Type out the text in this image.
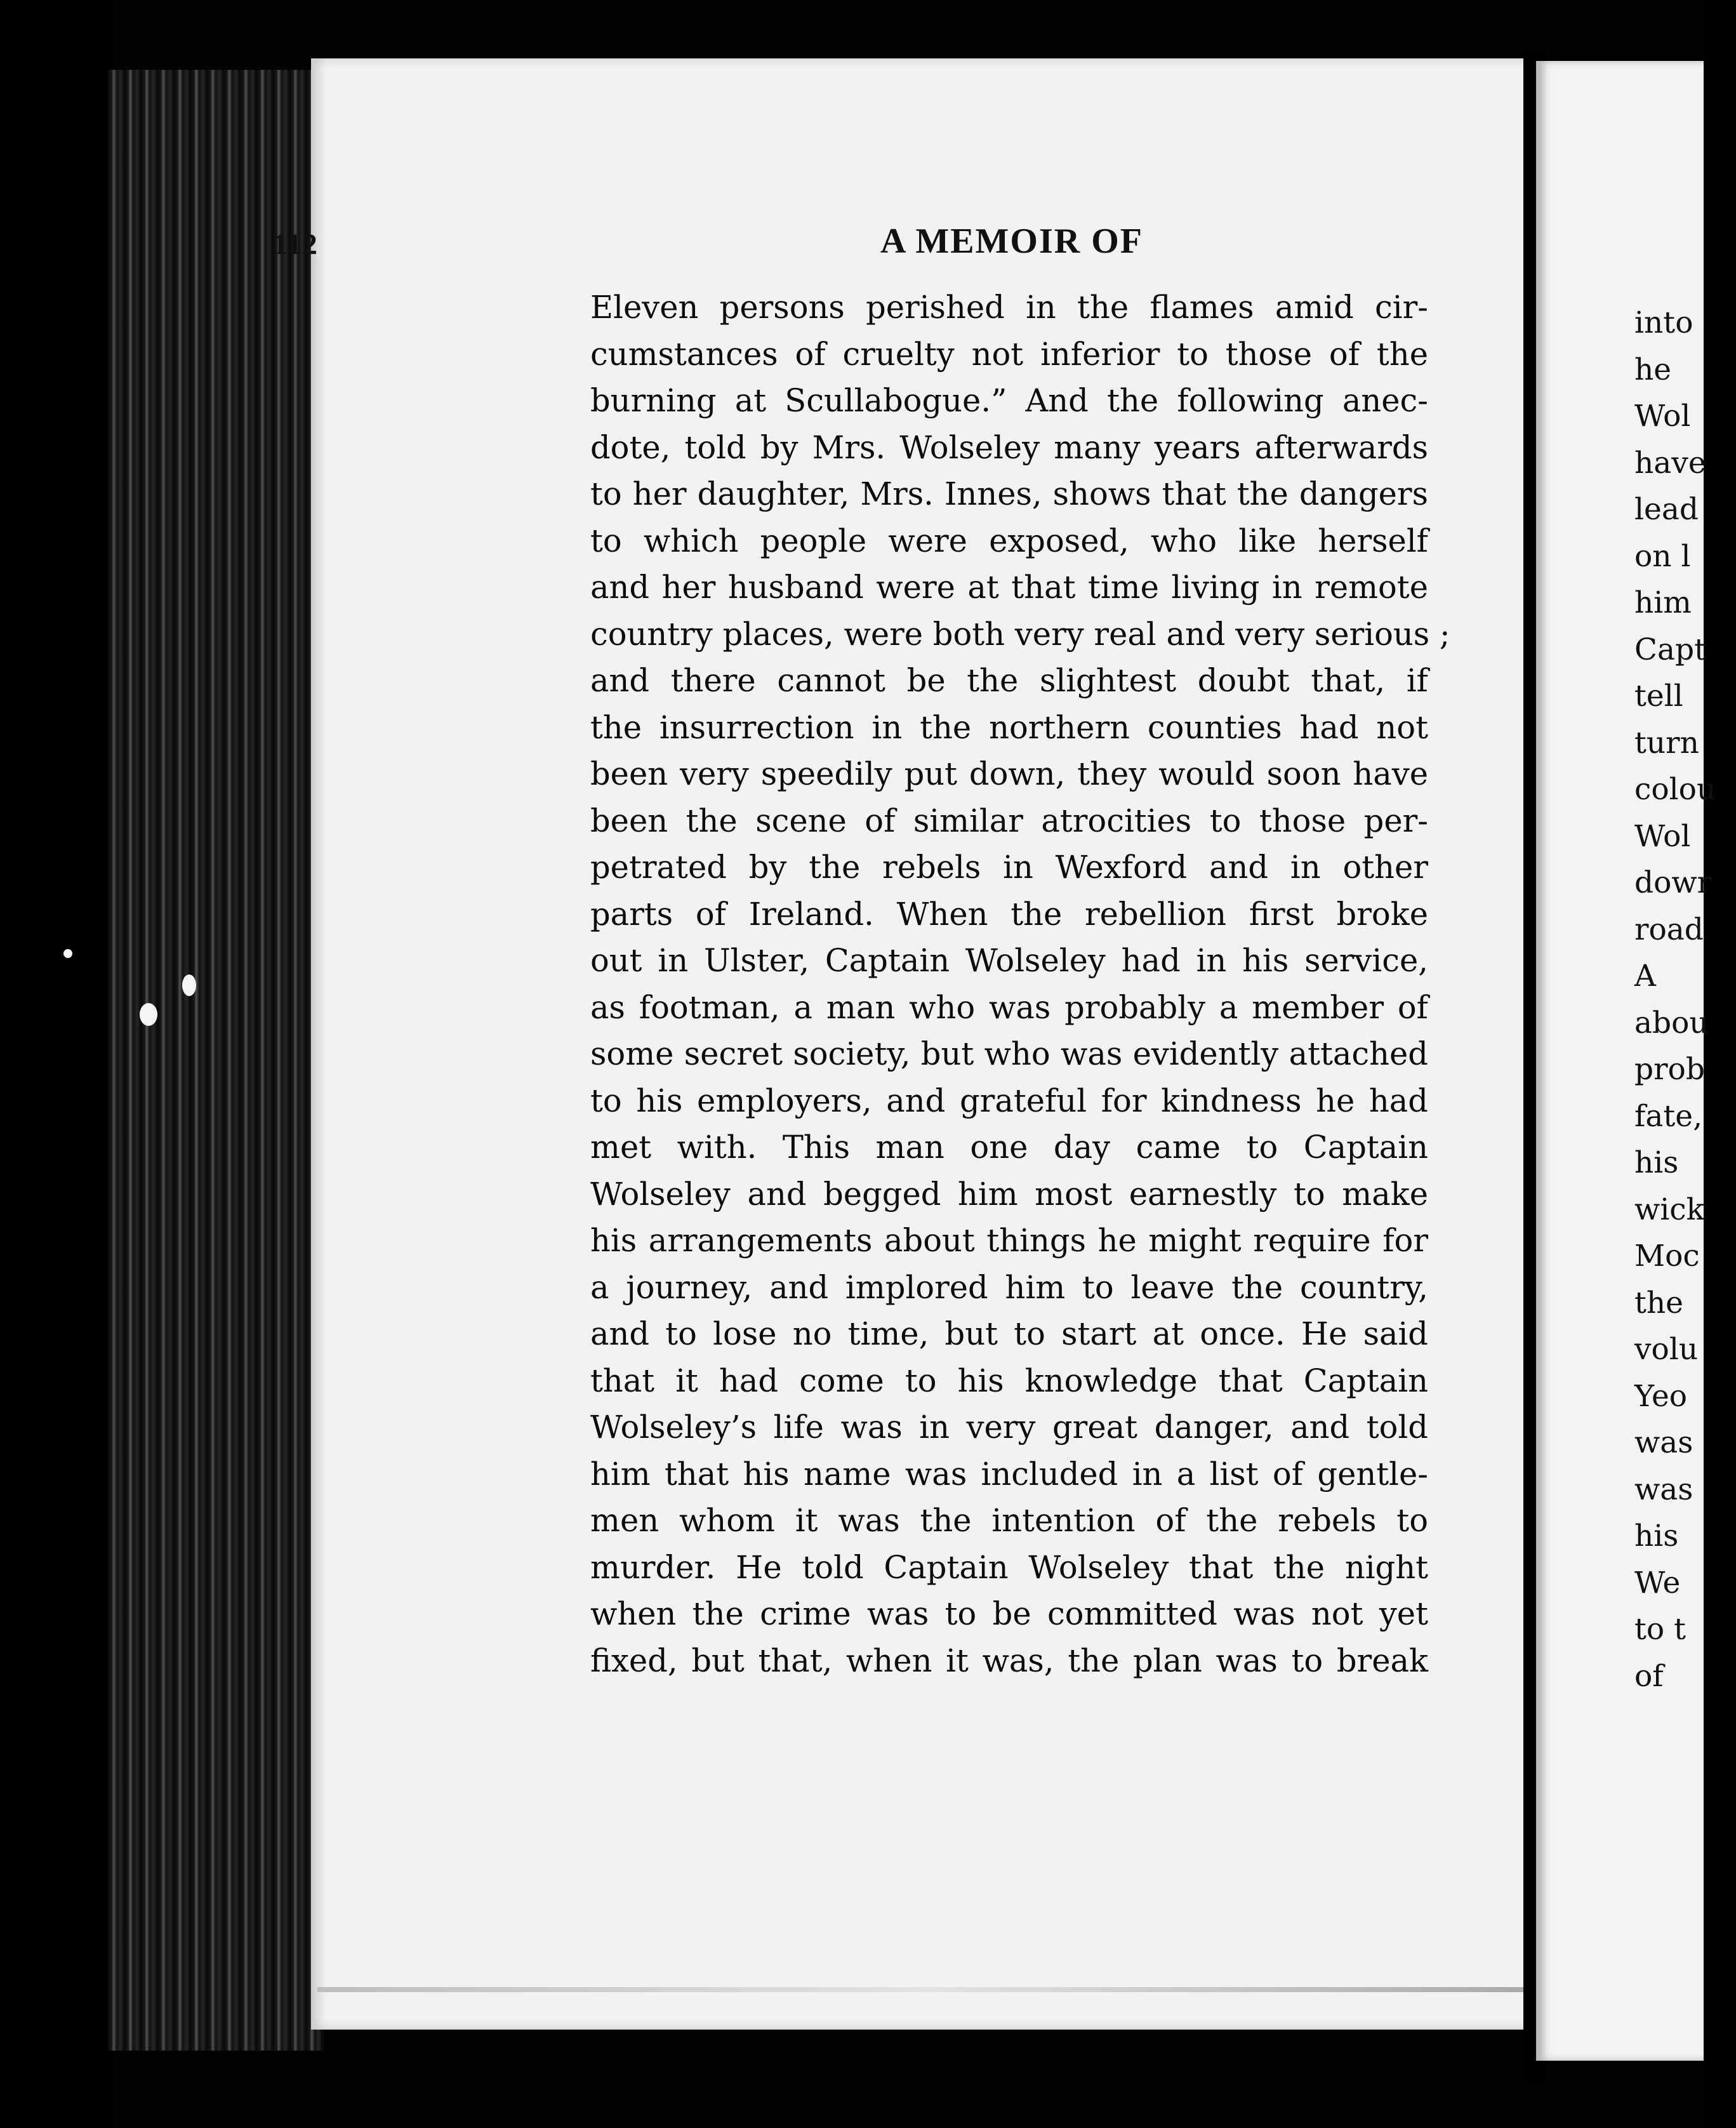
112	A MEMOIR OF
Eleven persons perished in the flames amid cir-
cumstances of cruelty not inferior to those of the
burning at Scullabogue.” And the following anec-
dote, told by Mrs. Wolseley many years afterwards
to her daughter, Mrs. Innes, shows that the dangers
to which people were exposed, who like herself
and her husband were at that time living in remote
country places, were both very real and very serious ;
and there cannot be the slightest doubt that, if
the insurrection in the northern counties had not
been very speedily put down, they would soon have
been the scene of similar atrocities to those per-
petrated by the rebels in Wexford and in other
parts of Ireland. When the rebellion first broke
out in Ulster, Captain Wolseley had in his service,
as footman, a man who was probably a member of
some secret society, but who was evidently attached
to his employers, and grateful for kindness he had
met with. This man one day came to Captain
Wolseley and begged him most earnestly to make
his arrangements about things he might require for
a journey, and implored him to leave the country,
and to lose no time, but to start at once. He said
that it had come to his knowledge that Captain
Wolseley’s life was in very great danger, and told
him that his name was included in a list of gentle-
men whom it was the intention of the rebels to
murder. He told Captain Wolseley that the night
when the crime was to be committed was not yet
fixed, but that, when it was, the plan was to break
into
he
Wol
have
lead
on l
him
Capt
tell
turn
colou
Wol
dowr
road
A
abou
prob
fate,
his
wick
Moc
the
volu
Yeo
was
was
his
We
to t
of
